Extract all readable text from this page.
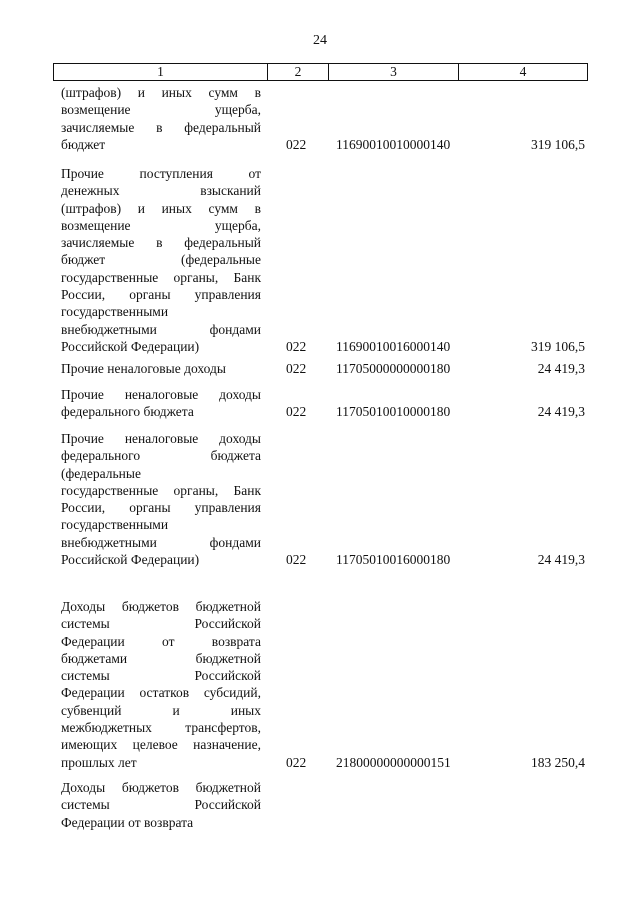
24
1	2	3	4
(штрафов) и иных сумм в
возмещение ущерба,
зачисляемые в федеральный
бюджет	022 11690010010000140	319 106,5
Прочие поступления от
денежных взысканий
(штрафов) и иных сумм в
возмещение ущерба,
зачисляемые в федеральный
бюджет (федеральные
государственные органы, Банк
России, органы управления
государственными
внебюджетными фондами
Российской Федерации)	022 11690010016000140	319 106,5
Прочие неналоговые доходы	022 11705000000000180	24 419,3
Прочие неналоговые доходы
федерального бюджета	022 11705010010000180	24 419,3
Прочие неналоговые доходы
федерального бюджета
(федеральные
государственные органы, Банк
России, органы управления
государственными
внебюджетными фондами
Российской Федерации)	022 11705010016000180	24 419,3
Доходы бюджетов бюджетной
системы Российской
Федерации от возврата
бюджетами бюджетной
системы Российской
Федерации остатков субсидий,
субвенций и иных
межбюджетных трансфертов,
имеющих целевое назначение,
прошлых лет	022 21800000000000151	183 250,4
Доходы бюджетов бюджетной
системы Российской
Федерации от возврата
